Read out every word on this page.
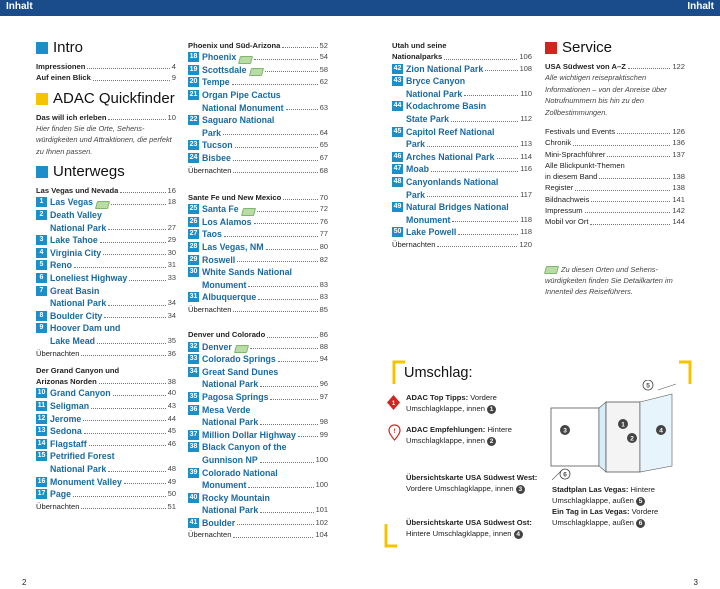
Inhalt	Inhalt
Intro
Impressionen	4
Auf einen Blick	9
ADAC Quickfinder
Das will ich erleben	10
Hier finden Sie die Orte, Sehens-würdigkeiten und Attraktionen, die perfekt zu Ihnen passen.
Unterwegs
Las Vegas und Nevada	16
1 Las Vegas	18
2 Death Valley
National Park	27
3 Lake Tahoe	29
4 Virginia City	30
5 Reno	31
6 Loneliest Highway	33
7 Great Basin
National Park	34
8 Boulder City	34
9 Hoover Dam und
Lake Mead	35
Übernachten	36
Der Grand Canyon und
Arizonas Norden	38
10 Grand Canyon	40
11 Seligman	43
12 Jerome	44
13 Sedona	45
14 Flagstaff	46
15 Petrified Forest
National Park	48
16 Monument Valley	49
17 Page	50
Übernachten	51
Phoenix und Süd-Arizona	52
18 Phoenix	54
19 Scottsdale	58
20 Tempe	62
21 Organ Pipe Cactus
National Monument	63
22 Saguaro National
Park	64
23 Tucson	65
24 Bisbee	67
Übernachten	68
Sante Fe und New Mexico	70
25 Santa Fe	72
26 Los Alamos	76
27 Taos	77
28 Las Vegas, NM	80
29 Roswell	82
30 White Sands National
Monument	83
31 Albuquerque	83
Übernachten	85
Denver und Colorado	86
32 Denver	88
33 Colorado Springs	94
34 Great Sand Dunes
National Park	96
35 Pagosa Springs	97
36 Mesa Verde
National Park	98
37 Million Dollar Highway	99
38 Black Canyon of the
Gunnison NP	100
39 Colorado National
Monument	100
40 Rocky Mountain
National Park	101
41 Boulder	102
Übernachten	104
Utah und seine
Nationalparks	106
42 Zion National Park	108
43 Bryce Canyon
National Park	110
44 Kodachrome Basin
State Park	112
45 Capitol Reef National
Park	113
46 Arches National Park	114
47 Moab	116
48 Canyonlands National
Park	117
49 Natural Bridges National
Monument	118
50 Lake Powell	118
Übernachten	120
Service
USA Südwest von A–Z	122
Alle wichtigen reisepraktischen Informationen – von der Anreise über Notrufnummern bis hin zu den Zollbestimmungen.
Festivals und Events	126
Chronik	136
Mini-Sprachführer	137
Alle Blickpunkt-Themen
in diesem Band	138
Register	138
Bildnachweis	141
Impressum	142
Mobil vor Ort	144
Zu diesen Orten und Sehens-würdigkeiten finden Sie Detailkarten im Innenteil des Reiseführers.
Umschlag:
1
ADAC Top Tipps: Vordere Umschlagklappe, innen 1
! ADAC Empfehlungen: Hintere Umschlagklappe, innen 2
Übersichtskarte USA Südwest West: Vordere Umschlagklappe, innen 3
Übersichtskarte USA Südwest Ost: Hintere Umschlagklappe, innen 4
Stadtplan Las Vegas: Hintere Umschlagklappe, außen 5
Ein Tag in Las Vegas: Vordere Umschlagklappe, außen 6
3
1
2
4
5
6
2	3
